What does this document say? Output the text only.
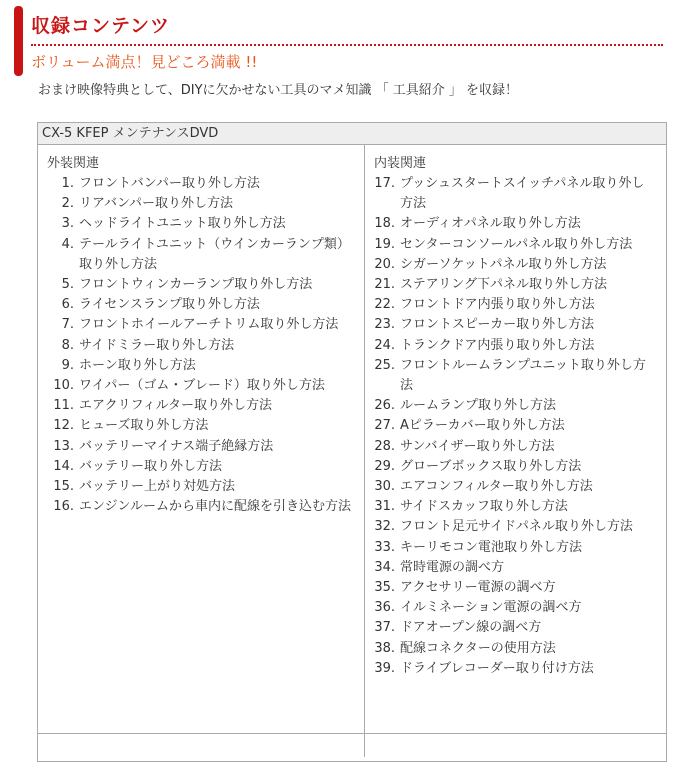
収録コンテンツ
ボリューム満点！見どころ満載 !!
おまけ映像特典として、DIYに欠かせない工具のマメ知識 「 工具紹介 」 を収録！
CX-5 KFEP メンテナンスDVD
外装関連
1. フロントバンパー取り外し方法
2. リアバンパー取り外し方法
3. ヘッドライトユニット取り外し方法
4. テールライトユニット（ウインカーランプ類）取り外し方法
5. フロントウィンカーランプ取り外し方法
6. ライセンスランプ取り外し方法
7. フロントホイールアーチトリム取り外し方法
8. サイドミラー取り外し方法
9. ホーン取り外し方法
10. ワイパー（ゴム・ブレード）取り外し方法
11. エアクリフィルター取り外し方法
12. ヒューズ取り外し方法
13. バッテリーマイナス端子絶縁方法
14. バッテリー取り外し方法
15. バッテリー上がり対処方法
16. エンジンルームから車内に配線を引き込む方法
内装関連
17. プッシュスタートスイッチパネル取り外し方法
18. オーディオパネル取り外し方法
19. センターコンソールパネル取り外し方法
20. シガーソケットパネル取り外し方法
21. ステアリング下パネル取り外し方法
22. フロントドア内張り取り外し方法
23. フロントスピーカー取り外し方法
24. トランクドア内張り取り外し方法
25. フロントルームランプユニット取り外し方法
26. ルームランプ取り外し方法
27. Aピラーカバー取り外し方法
28. サンバイザー取り外し方法
29. グローブボックス取り外し方法
30. エアコンフィルター取り外し方法
31. サイドスカッフ取り外し方法
32. フロント足元サイドパネル取り外し方法
33. キーリモコン電池取り外し方法
34. 常時電源の調べ方
35. アクセサリー電源の調べ方
36. イルミネーション電源の調べ方
37. ドアオープン線の調べ方
38. 配線コネクターの使用方法
39. ドライブレコーダー取り付け方法
